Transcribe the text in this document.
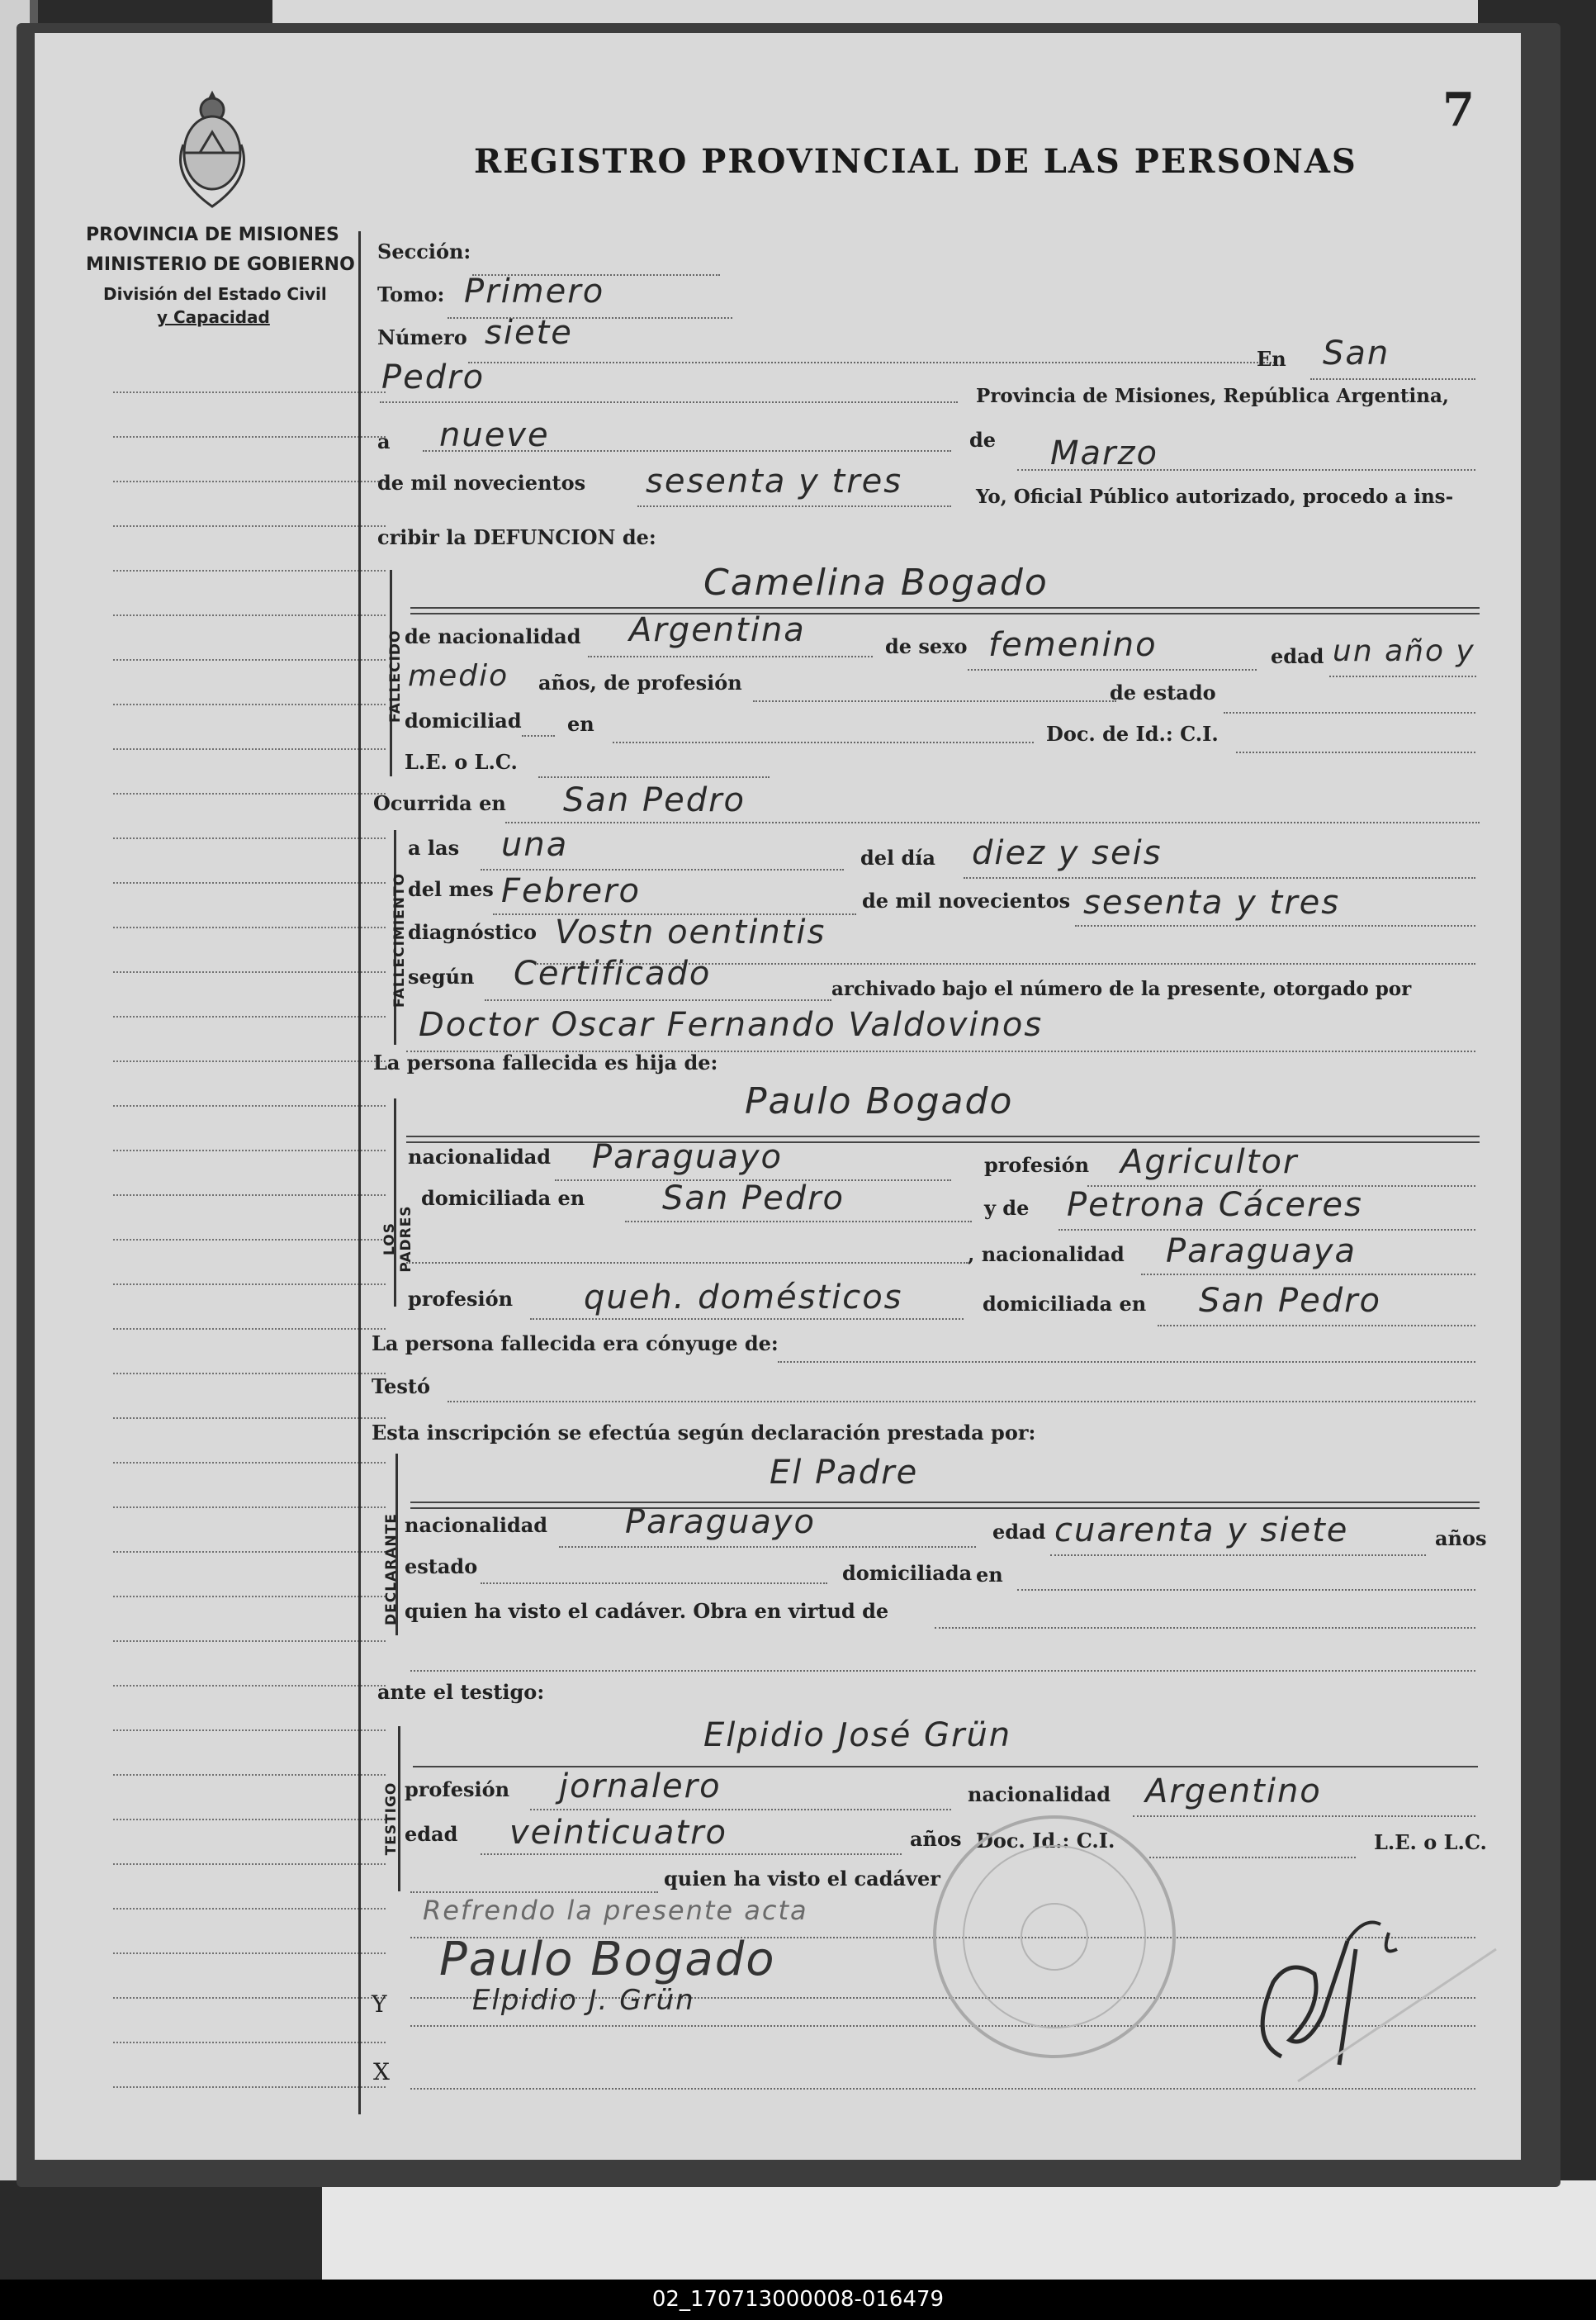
7
REGISTRO PROVINCIAL DE LAS PERSONAS
PROVINCIA DE MISIONES
MINISTERIO DE GOBIERNO
División del Estado Civil
y Capacidad
Sección:
Tomo: Primero
Número siete
En San
Pedro	Provincia de Misiones, República Argentina,
a nueve	de Marzo
de mil novecientos sesenta y tres	Yo, Oficial Público autorizado, procedo a ins-
cribir la DEFUNCION de:
FALLECIDO
Camelina Bogado
de nacionalidad Argentina	de sexo femenino	edad un año y
medio años, de profesión	de estado
domiciliad en	Doc. de Id.: C.I.
L.E. o L.C.
Ocurrida en San Pedro
FALLECIMIENTO
a las una	del día diez y seis
del mes Febrero	de mil novecientos sesenta y tres
diagnóstico Vostn oentintis
según Certificado	archivado bajo el número de la presente, otorgado por
Doctor Oscar Fernando Valdovinos
La persona fallecida es hija de:
LOS PADRES
Paulo Bogado
nacionalidad Paraguayo	profesión Agricultor
domiciliada en San Pedro	y de Petrona Cáceres
, nacionalidad Paraguaya
profesión queh. domésticos	domiciliada en San Pedro
La persona fallecida era cónyuge de:
Testó
Esta inscripción se efectúa según declaración prestada por:
DECLARANTE
El Padre
nacionalidad Paraguayo	edad cuarenta y siete	años
estado	domiciliada en
quien ha visto el cadáver. Obra en virtud de
ante el testigo:
TESTIGO
Elpidio José Grün
profesión jornalero	nacionalidad Argentino
edad veinticuatro	años Doc. Id.: C.I.	L.E. o L.C.
quien ha visto el cadáver
Refrendo la presente acta
Paulo Bogado
Y	Elpidio J. Grün
X
02_170713000008-016479
